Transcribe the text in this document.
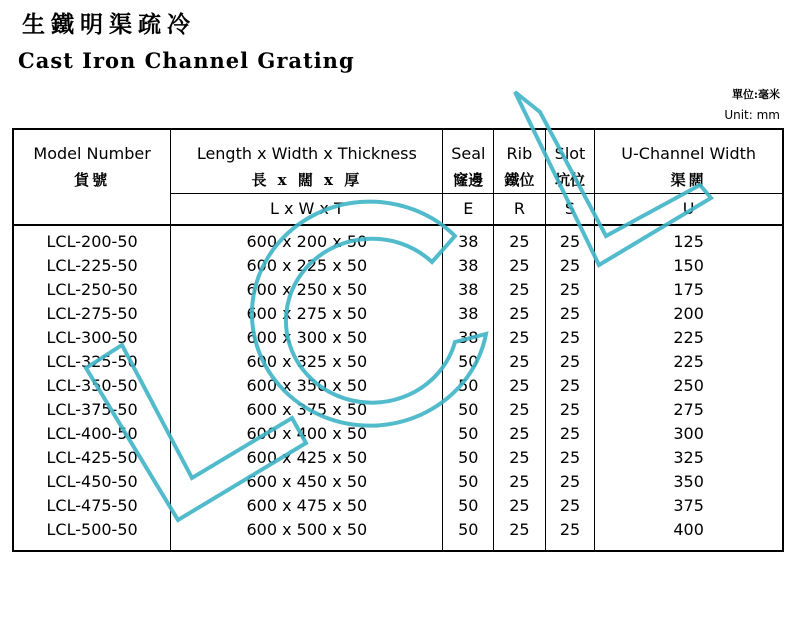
生鐵明渠疏冷
Cast Iron Channel Grating
單位:毫米
Unit: mm
Model Number	Length x Width x Thickness	Seal	Rib	Slot	U-Channel Width
貨號	長 x 闊 x 厚	窿邊	鐵位	坑位	渠闊
	L x W x T	E	R	S	U
LCL-200-50	600 x 200 x 50	38	25	25	125
LCL-225-50	600 x 225 x 50	38	25	25	150
LCL-250-50	600 x 250 x 50	38	25	25	175
LCL-275-50	600 x 275 x 50	38	25	25	200
LCL-300-50	600 x 300 x 50	38	25	25	225
LCL-325-50	600 x 325 x 50	50	25	25	225
LCL-350-50	600 x 350 x 50	50	25	25	250
LCL-375-50	600 x 375 x 50	50	25	25	275
LCL-400-50	600 x 400 x 50	50	25	25	300
LCL-425-50	600 x 425 x 50	50	25	25	325
LCL-450-50	600 x 450 x 50	50	25	25	350
LCL-475-50	600 x 475 x 50	50	25	25	375
LCL-500-50	600 x 500 x 50	50	25	25	400
